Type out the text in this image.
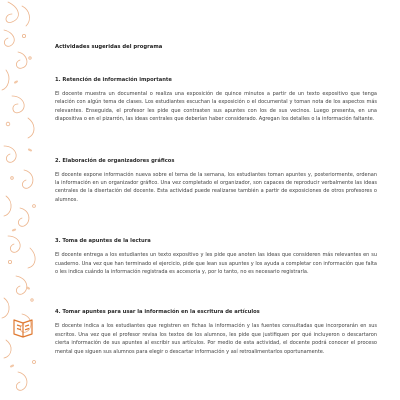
Actividades sugeridas del programa
1. Retención de información importante

El docente muestra un documental o realiza una exposición de quince minutos a partir de un texto expositivo que tenga relación con algún tema de clases. Los estudiantes escuchan la exposición o el documental y toman nota de los aspectos más relevantes. Enseguida, el profesor les pide que contrasten sus apuntes con los de sus vecinos. Luego presenta, en una diapositiva o en el pizarrón, las ideas centrales que deberían haber considerado. Agregan los detalles o la información faltante.

2. Elaboración de organizadores gráficos

El docente expone información nueva sobre el tema de la semana, los estudiantes toman apuntes y, posteriormente, ordenan la información en un organizador gráfico. Una vez completado el organizador, son capaces de reproducir verbalmente las ideas centrales de la disertación del docente. Esta actividad puede realizarse también a partir de exposiciones de otros profesores o alumnos.

3. Toma de apuntes de la lectura

El docente entrega a los estudiantes un texto expositivo y les pide que anoten las ideas que consideren más relevantes en su cuaderno. Una vez que han terminado el ejercicio, pide que lean sus apuntes y los ayuda a completar con información que falta o les indica cuándo la información registrada es accesoria y, por lo tanto, no es necesario registrarla.

4. Tomar apuntes para usar la información en la escritura de artículos

El docente indica a los estudiantes que registren en fichas la información y las fuentes consultadas que incorporarán en sus escritos. Una vez que el profesor revisa los textos de los alumnos, les pide que justifiquen por qué incluyeron o descartaron cierta información de sus apuntes al escribir sus artículos. Por medio de esta actividad, el docente podrá conocer el proceso mental que siguen sus alumnos para elegir o descartar información y así retroalimentarlos oportunamente.
